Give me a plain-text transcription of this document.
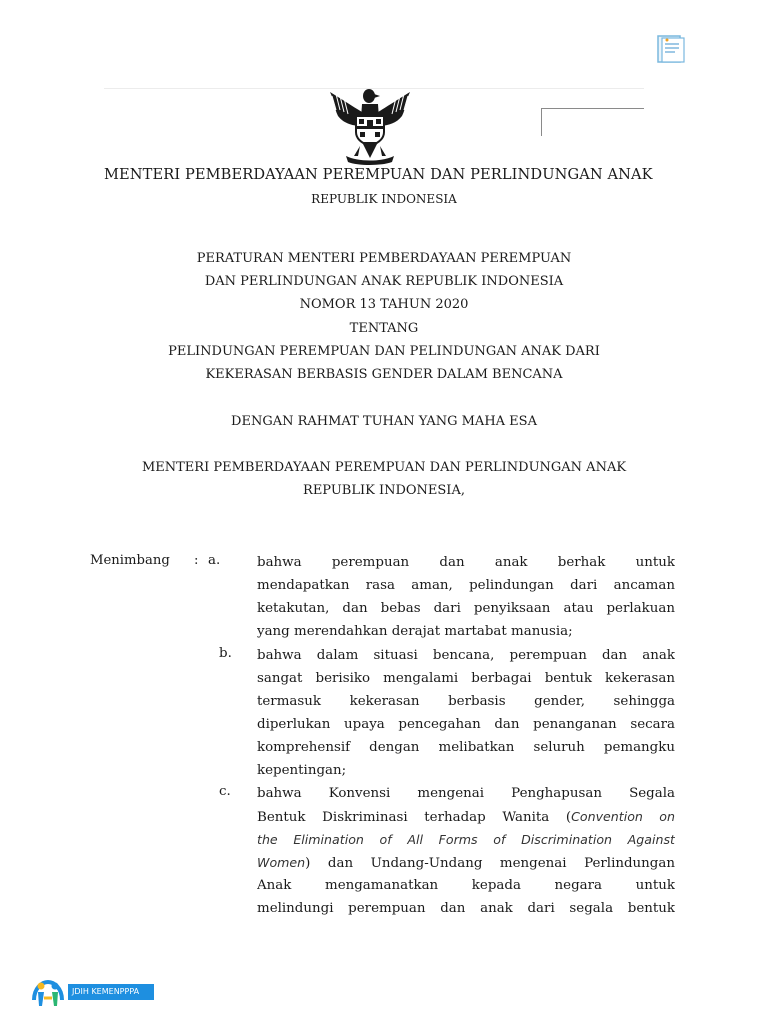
MENTERI PEMBERDAYAAN PEREMPUAN DAN PERLINDUNGAN ANAK
REPUBLIK INDONESIA
PERATURAN MENTERI PEMBERDAYAAN PEREMPUAN
DAN PERLINDUNGAN ANAK REPUBLIK INDONESIA
NOMOR 13 TAHUN 2020
TENTANG
PELINDUNGAN PEREMPUAN DAN PELINDUNGAN ANAK DARI
KEKERASAN BERBASIS GENDER DALAM BENCANA
DENGAN RAHMAT TUHAN YANG MAHA ESA
MENTERI PEMBERDAYAAN PEREMPUAN DAN PERLINDUNGAN ANAK
REPUBLIK INDONESIA,
Menimbang : a.	bahwa perempuan dan anak berhak untuk
mendapatkan rasa aman, pelindungan dari ancaman
ketakutan, dan bebas dari penyiksaan atau perlakuan
yang merendahkan derajat martabat manusia;
b. bahwa dalam situasi bencana, perempuan dan anak
sangat berisiko mengalami berbagai bentuk kekerasan
termasuk kekerasan berbasis gender, sehingga
diperlukan upaya pencegahan dan penanganan secara
komprehensif dengan melibatkan seluruh pemangku
kepentingan;
c. bahwa Konvensi mengenai Penghapusan Segala
Bentuk Diskriminasi terhadap Wanita (Convention on
the Elimination of All Forms of Discrimination Against
Women) dan Undang-Undang mengenai Perlindungan
Anak mengamanatkan kepada negara untuk
melindungi perempuan dan anak dari segala bentuk
JDIH KEMENPPPA
